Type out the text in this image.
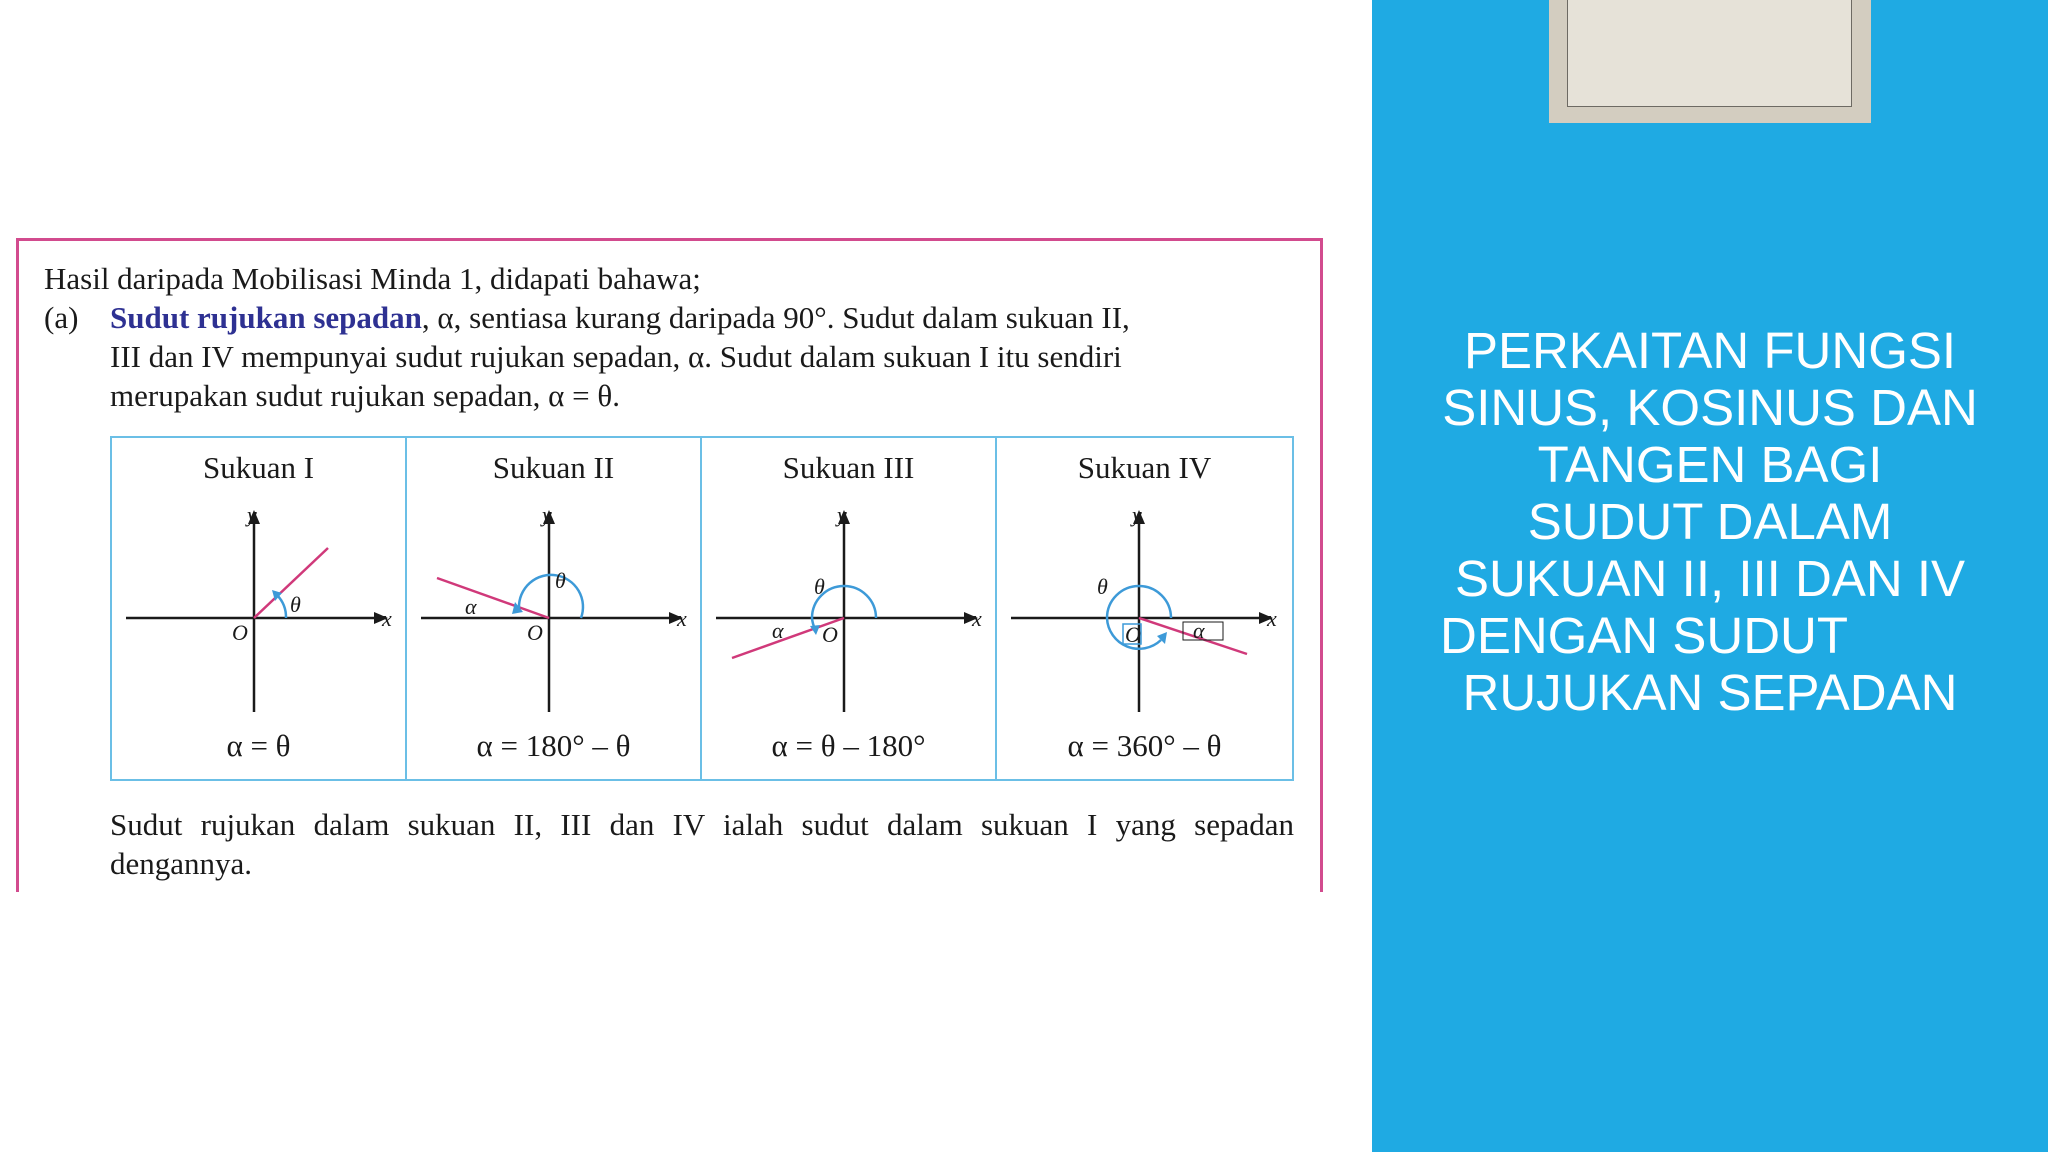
PERKAITAN FUNGSI
SINUS, KOSINUS DAN
TANGEN BAGI
SUDUT DALAM
SUKUAN II, III DAN IV
DENGAN SUDUT
RUJUKAN SEPADAN
Hasil daripada Mobilisasi Minda 1, didapati bahawa;
(a) Sudut rujukan sepadan, α, sentiasa kurang daripada 90°. Sudut dalam sukuan II,
III dan IV mempunyai sudut rujukan sepadan, α. Sudut dalam sukuan I itu sendiri
merupakan sudut rujukan sepadan, α = θ.
Sukuan I
θ
O
x
y
α = θ
Sukuan II
θ
α
O
x
y
α = 180° – θ
Sukuan III
θ
α O
x
y
α = θ – 180°
Sukuan IV
θ
α
O
x
y
α = 360° – θ
Sudut rujukan dalam sukuan II, III dan IV ialah sudut dalam sukuan I yang sepadan
dengannya.
